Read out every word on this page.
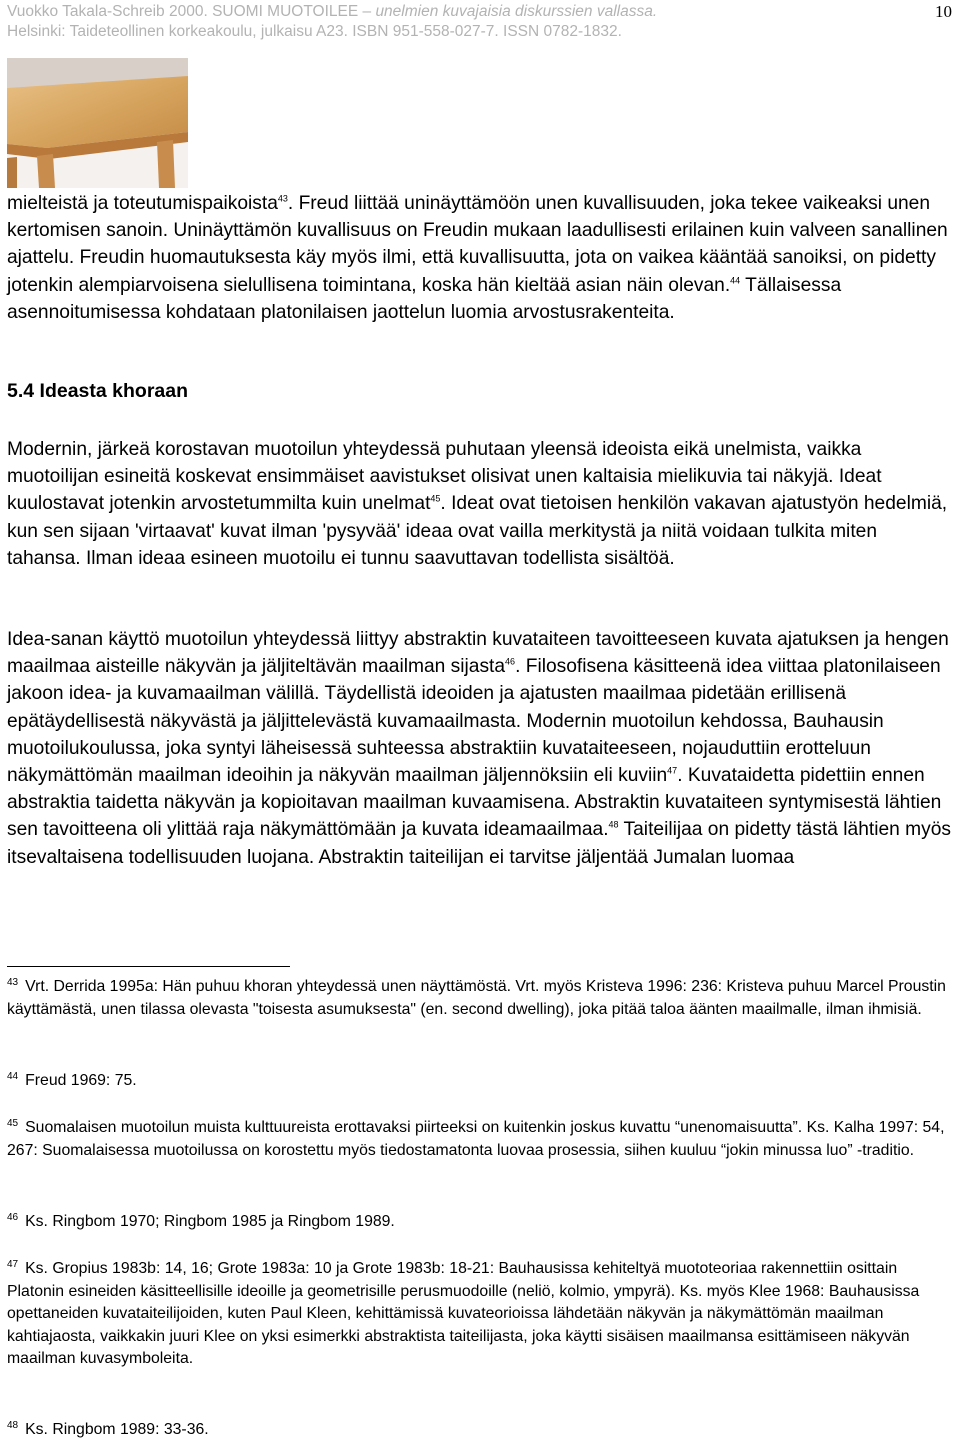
Vuokko Takala-Schreib 2000. SUOMI MUOTOILEE – unelmien kuvajaisia diskurssien vallassa.
Helsinki: Taideteollinen korkeakoulu, julkaisu A23. ISBN 951-558-027-7. ISSN 0782-1832.
10

mielteistä ja toteutumispaikoista$^{43}$. Freud liittää uninäyttämöön unen kuvallisuuden, joka tekee vaikeaksi unen kertomisen sanoin. Uninäyttämön kuvallisuus on Freudin mukaan laadullisesti erilainen kuin valveen sanallinen ajattelu. Freudin huomautuksesta käy myös ilmi, että kuvallisuutta, jota on vaikea kääntää sanoiksi, on pidetty jotenkin alempiarvoisena sielullisena toimintana, koska hän kieltää asian näin olevan.$^{44}$ Tällaisessa asennoitumisessa kohdataan platonilaisen jaottelun luomia arvostusrakenteita.

5.4 Ideasta khoraan

Modernin, järkeä korostavan muotoilun yhteydessä puhutaan yleensä ideoista eikä unelmista, vaikka muotoilijan esineitä koskevat ensimmäiset aavistukset olisivat unen kaltaisia mielikuvia tai näkyjä. Ideat kuulostavat jotenkin arvostetummilta kuin unelmat$^{45}$. Ideat ovat tietoisen henkilön vakavan ajatustyön hedelmiä, kun sen sijaan 'virtaavat' kuvat ilman 'pysyvää' ideaa ovat vailla merkitystä ja niitä voidaan tulkita miten tahansa. Ilman ideaa esineen muotoilu ei tunnu saavuttavan todellista sisältöä.

Idea-sanan käyttö muotoilun yhteydessä liittyy abstraktin kuvataiteen tavoitteeseen kuvata ajatuksen ja hengen maailmaa aisteille näkyvän ja jäljiteltävän maailman sijasta$^{46}$. Filosofisena käsitteenä idea viittaa platonilaiseen jakoon idea- ja kuvamaailman välillä. Täydellistä ideoiden ja ajatusten maailmaa pidetään erillisenä epätäydellisestä näkyvästä ja jäljittelevästä kuvamaailmasta. Modernin muotoilun kehdossa, Bauhausin muotoilukoulussa, joka syntyi läheisessä suhteessa abstraktiin kuvataiteeseen, nojauduttiin erotteluun näkymättömän maailman ideoihin ja näkyvän maailman jäljennöksiin eli kuviin$^{47}$. Kuvataidetta pidettiin ennen abstraktia taidetta näkyvän ja kopioitavan maailman kuvaamisena. Abstraktin kuvataiteen syntymisestä lähtien sen tavoitteena oli ylittää raja näkymättömään ja kuvata ideamaailmaa.$^{48}$ Taiteilijaa on pidetty tästä lähtien myös itsevaltaisena todellisuuden luojana. Abstraktin taiteilijan ei tarvitse jäljentää Jumalan luomaa

$^{43}$ Vrt. Derrida 1995a: Hän puhuu khoran yhteydessä unen näyttämöstä. Vrt. myös Kristeva 1996: 236: Kristeva puhuu Marcel Proustin käyttämästä, unen tilassa olevasta "toisesta asumuksesta" (en. second dwelling), joka pitää taloa äänten maailmalle, ilman ihmisiä.
$^{44}$ Freud 1969: 75.
$^{45}$ Suomalaisen muotoilun muista kulttuureista erottavaksi piirteeksi on kuitenkin joskus kuvattu “unenomaisuutta”. Ks. Kalha 1997: 54, 267: Suomalaisessa muotoilussa on korostettu myös tiedostamatonta luovaa prosessia, siihen kuuluu “jokin minussa luo” -traditio.
$^{46}$ Ks. Ringbom 1970; Ringbom 1985 ja Ringbom 1989.
$^{47}$ Ks. Gropius 1983b: 14, 16; Grote 1983a: 10 ja Grote 1983b: 18-21: Bauhausissa kehiteltyä muototeoriaa rakennettiin osittain Platonin esineiden käsitteellisille ideoille ja geometrisille perusmuodoille (neliö, kolmio, ympyrä). Ks. myös Klee 1968: Bauhausissa opettaneiden kuvataiteilijoiden, kuten Paul Kleen, kehittämissä kuvateorioissa lähdetään näkyvän ja näkymättömän maailman kahtiajaosta, vaikkakin juuri Klee on yksi esimerkki abstraktista taiteilijasta, joka käytti sisäisen maailmansa esittämiseen näkyvän maailman kuvasymboleita.
$^{48}$ Ks. Ringbom 1989: 33-36.
